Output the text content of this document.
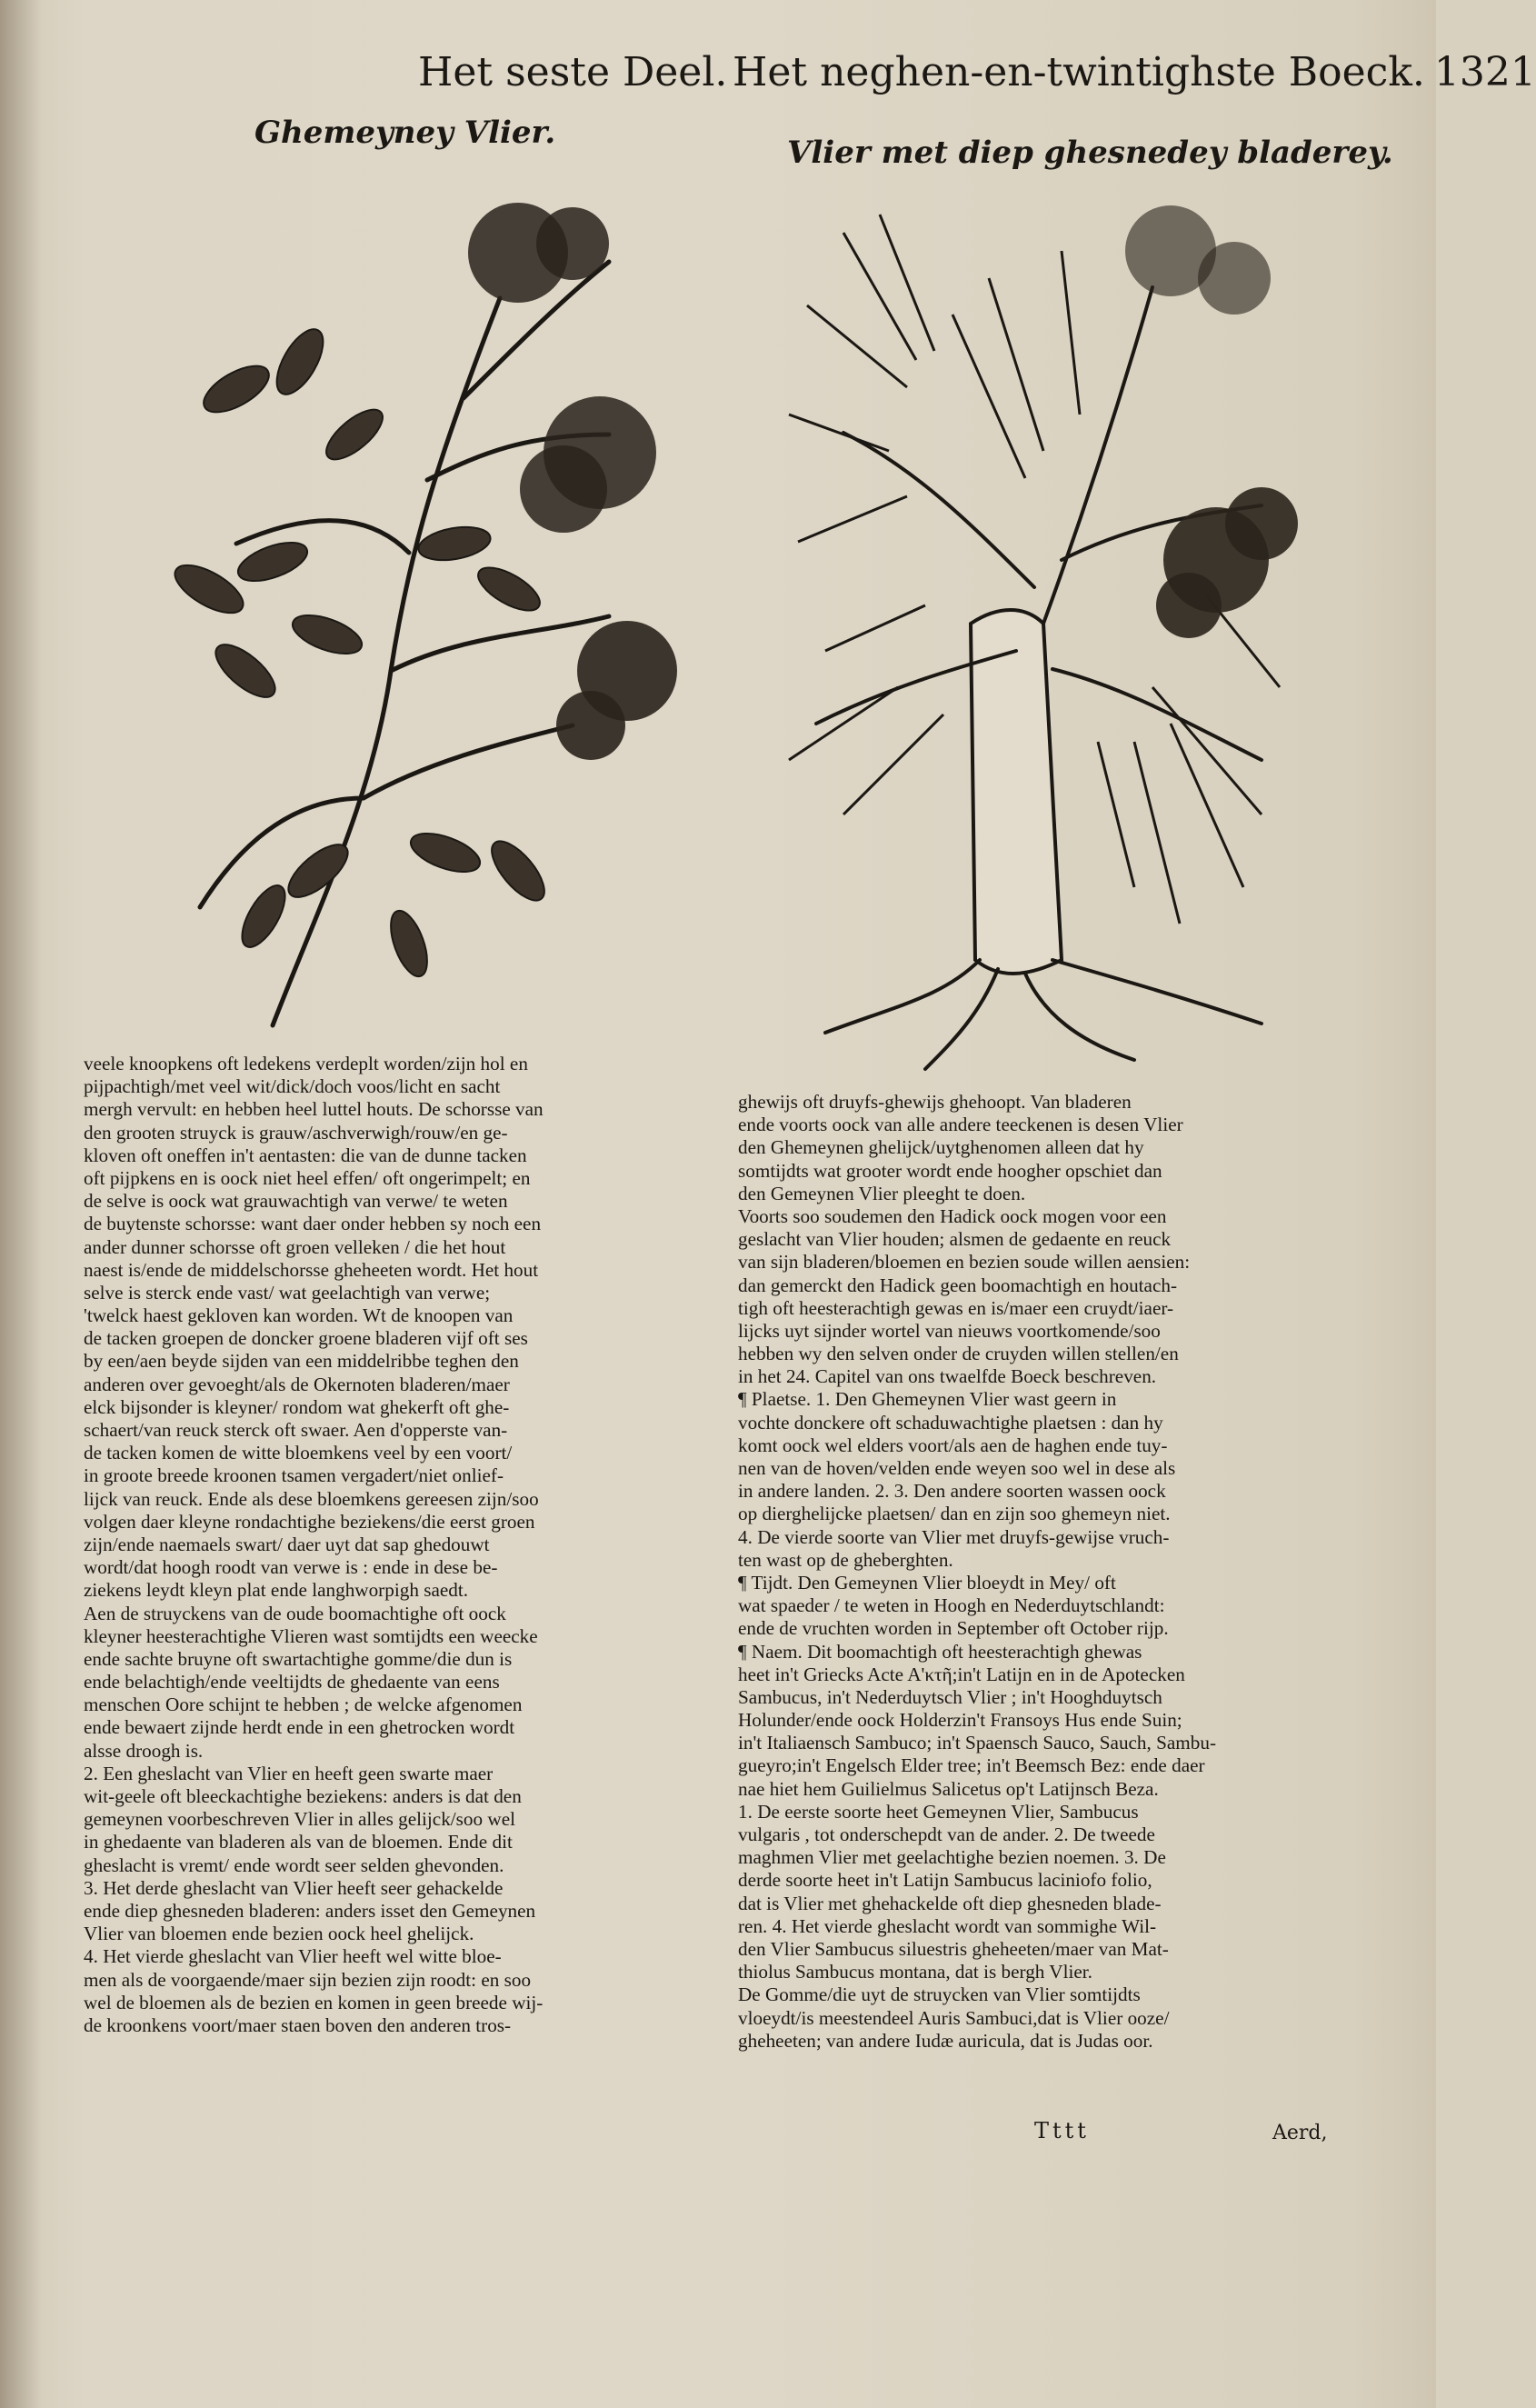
Het seste Deel. Het neghen-en-twintighste Boeck. 1321
Ghemeyney Vlier.
Vlier met diep ghesnedey bladerey.
veele knoopkens oft ledekens verdeplt worden/zijn hol en
pijpachtigh/met veel wit/dick/doch voos/licht en sacht
mergh vervult: en hebben heel luttel houts. De schorsse van
den grooten struyck is grauw/aschverwigh/rouw/en ge-
kloven oft oneffen in't aentasten: die van de dunne tacken
oft pijpkens en is oock niet heel effen/ oft ongerimpelt; en
de selve is oock wat grauwachtigh van verwe/ te weten
de buytenste schorsse: want daer onder hebben sy noch een
ander dunner schorsse oft groen velleken / die het hout
naest is/ende de middelschorsse gheheeten wordt. Het hout
selve is sterck ende vast/ wat geelachtigh van verwe;
'twelck haest gekloven kan worden. Wt de knoopen van
de tacken groepen de doncker groene bladeren vijf oft ses
by een/aen beyde sijden van een middelribbe teghen den
anderen over gevoeght/als de Okernoten bladeren/maer
elck bijsonder is kleyner/ rondom wat ghekerft oft ghe-
schaert/van reuck sterck oft swaer. Aen d'opperste van-
de tacken komen de witte bloemkens veel by een voort/
in groote breede kroonen tsamen vergadert/niet onlief-
lijck van reuck. Ende als dese bloemkens gereesen zijn/soo
volgen daer kleyne rondachtighe beziekens/die eerst groen
zijn/ende naemaels swart/ daer uyt dat sap ghedouwt
wordt/dat hoogh roodt van verwe is : ende in dese be-
ziekens leydt kleyn plat ende langhworpigh saedt.
Aen de struyckens van de oude boomachtighe oft oock
kleyner heesterachtighe Vlieren wast somtijdts een weecke
ende sachte bruyne oft swartachtighe gomme/die dun is
ende belachtigh/ende veeltijdts de ghedaente van eens
menschen Oore schijnt te hebben ; de welcke afgenomen
ende bewaert zijnde herdt ende in een ghetrocken wordt
alsse droogh is.
2. Een gheslacht van Vlier en heeft geen swarte maer
wit-geele oft bleeckachtighe beziekens: anders is dat den
gemeynen voorbeschreven Vlier in alles gelijck/soo wel
in ghedaente van bladeren als van de bloemen. Ende dit
gheslacht is vremt/ ende wordt seer selden ghevonden.
3. Het derde gheslacht van Vlier heeft seer gehackelde
ende diep ghesneden bladeren: anders isset den Gemeynen
Vlier van bloemen ende bezien oock heel ghelijck.
4. Het vierde gheslacht van Vlier heeft wel witte bloe-
men als de voorgaende/maer sijn bezien zijn roodt: en soo
wel de bloemen als de bezien en komen in geen breede wij-
de kroonkens voort/maer staen boven den anderen tros-
ghewijs oft druyfs-ghewijs ghehoopt. Van bladeren
ende voorts oock van alle andere teeckenen is desen Vlier
den Ghemeynen ghelijck/uytghenomen alleen dat hy
somtijdts wat grooter wordt ende hoogher opschiet dan
den Gemeynen Vlier pleeght te doen.
Voorts soo soudemen den Hadick oock mogen voor een
geslacht van Vlier houden; alsmen de gedaente en reuck
van sijn bladeren/bloemen en bezien soude willen aensien:
dan gemerckt den Hadick geen boomachtigh en houtach-
tigh oft heesterachtigh gewas en is/maer een cruydt/iaer-
lijcks uyt sijnder wortel van nieuws voortkomende/soo
hebben wy den selven onder de cruyden willen stellen/en
in het 24. Capitel van ons twaelfde Boeck beschreven.
¶ Plaetse. 1. Den Ghemeynen Vlier wast geern in
vochte donckere oft schaduwachtighe plaetsen : dan hy
komt oock wel elders voort/als aen de haghen ende tuy-
nen van de hoven/velden ende weyen soo wel in dese als
in andere landen. 2. 3. Den andere soorten wassen oock
op dierghelijcke plaetsen/ dan en zijn soo ghemeyn niet.
4. De vierde soorte van Vlier met druyfs-gewijse vruch-
ten wast op de gheberghten.
¶ Tijdt. Den Gemeynen Vlier bloeydt in Mey/ oft
wat spaeder / te weten in Hoogh en Nederduytschlandt:
ende de vruchten worden in September oft October rijp.
¶ Naem. Dit boomachtigh oft heesterachtigh ghewas
heet in't Griecks Acte A'κτῆ;in't Latijn en in de Apotecken
Sambucus, in't Nederduytsch Vlier ; in't Hooghduytsch
Holunder/ende oock Holderzin't Fransoys Hus ende Suin;
in't Italiaensch Sambuco; in't Spaensch Sauco, Sauch, Sambu-
gueyro;in't Engelsch Elder tree; in't Beemsch Bez: ende daer
nae hiet hem Guilielmus Salicetus op't Latijnsch Beza.
1. De eerste soorte heet Gemeynen Vlier, Sambucus
vulgaris , tot onderschepdt van de ander. 2. De tweede
maghmen Vlier met geelachtighe bezien noemen. 3. De
derde soorte heet in't Latijn Sambucus laciniofo folio,
dat is Vlier met ghehackelde oft diep ghesneden blade-
ren. 4. Het vierde gheslacht wordt van sommighe Wil-
den Vlier Sambucus siluestris gheheeten/maer van Mat-
thiolus Sambucus montana, dat is bergh Vlier.
De Gomme/die uyt de struycken van Vlier somtijdts
vloeydt/is meestendeel Auris Sambuci,dat is Vlier ooze/
gheheeten; van andere Iudæ auricula, dat is Judas oor.
Tttt	Aerd,
